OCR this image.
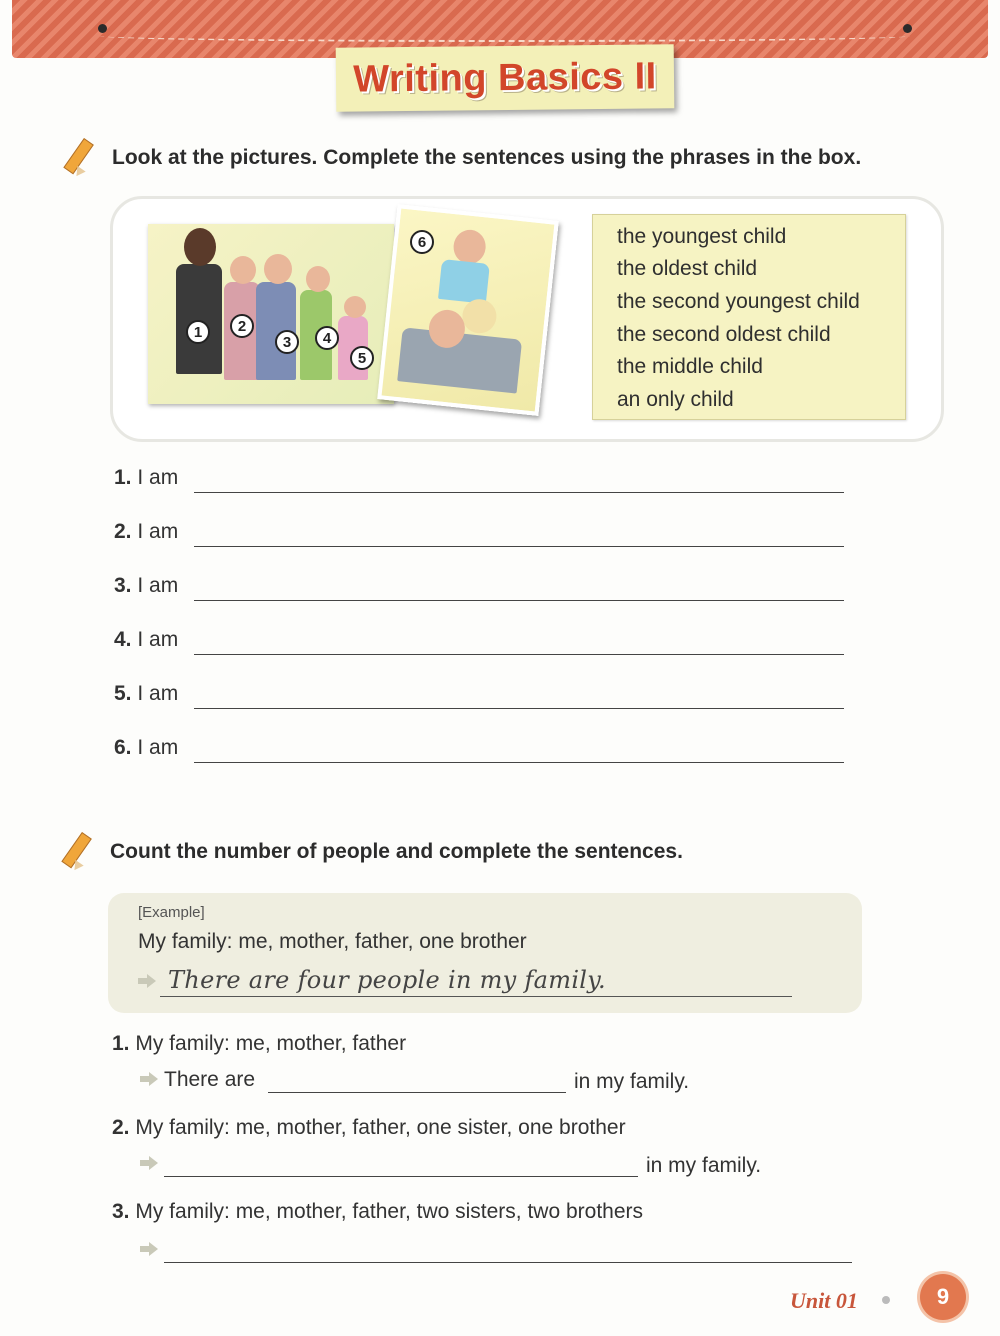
Writing Basics II
Look at the pictures. Complete the sentences using the phrases in the box.
1	2
3	4
5
6	the youngest child
the oldest child
the second youngest child
the second oldest child
the middle child
an only child
1. I am
2. I am
3. I am
4. I am
5. I am
6. I am
Count the number of people and complete the sentences.
[Example]
My family: me, mother, father, one brother
There are four people in my family.
1. My family: me, mother, father
There are	in my family.
2. My family: me, mother, father, one sister, one brother
in my family.
3. My family: me, mother, father, two sisters, two brothers
Unit 01	9
